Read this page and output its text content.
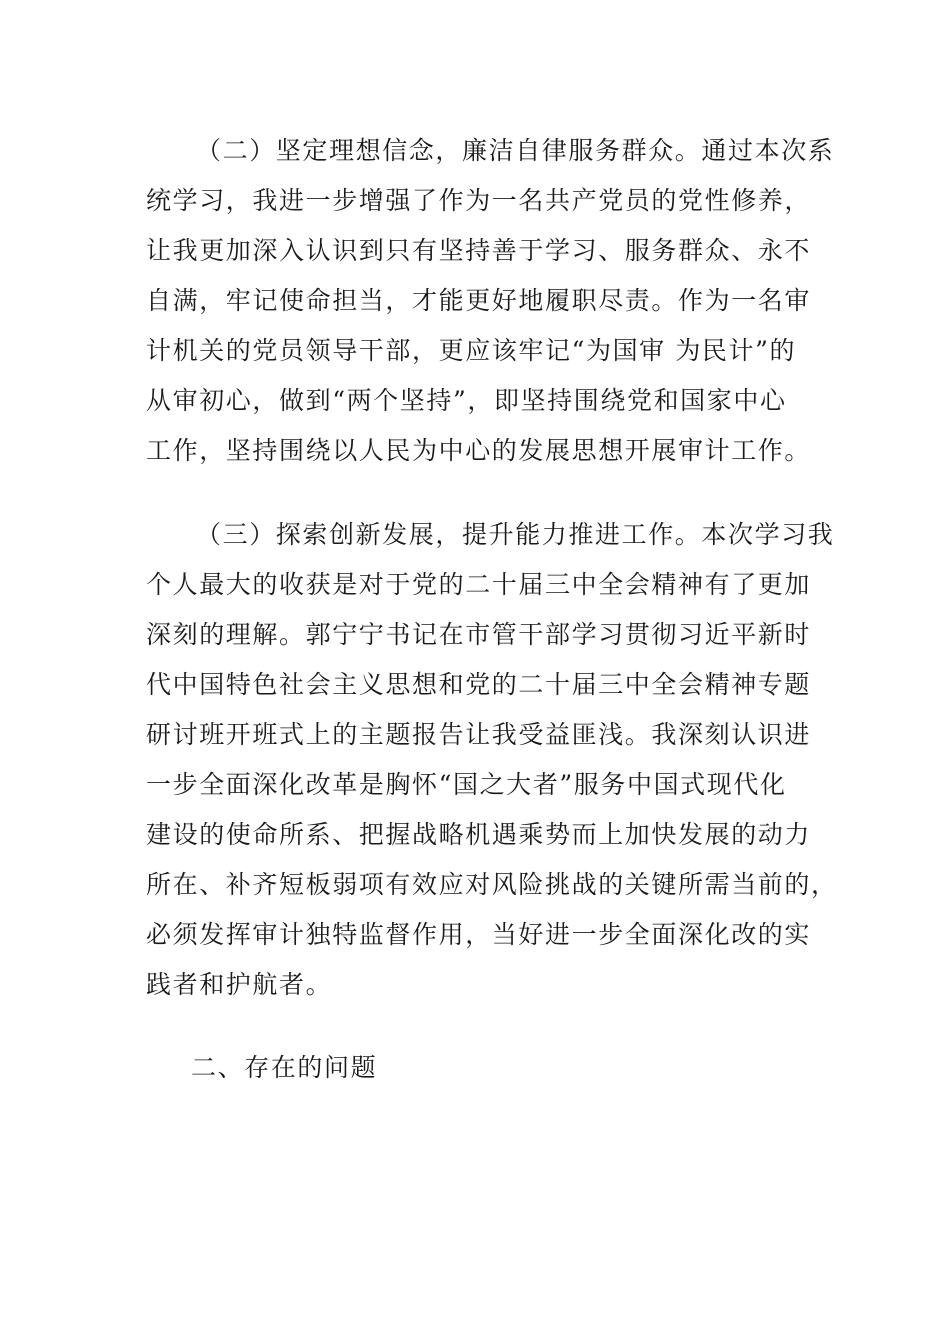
（二）坚定理想信念，廉洁自律服务群众。通过本次系
统学习，我进一步增强了作为一名共产党员的党性修养，
让我更加深入认识到只有坚持善于学习、服务群众、永不
自满，牢记使命担当，才能更好地履职尽责。作为一名审
计机关的党员领导干部，更应该牢记“为国审 为民计”的
从审初心，做到“两个坚持”，即坚持围绕党和国家中心
工作，坚持围绕以人民为中心的发展思想开展审计工作。
（三）探索创新发展，提升能力推进工作。本次学习我
个人最大的收获是对于党的二十届三中全会精神有了更加
深刻的理解。郭宁宁书记在市管干部学习贯彻习近平新时
代中国特色社会主义思想和党的二十届三中全会精神专题
研讨班开班式上的主题报告让我受益匪浅。我深刻认识进
一步全面深化改革是胸怀“国之大者”服务中国式现代化
建设的使命所系、把握战略机遇乘势而上加快发展的动力
所在、补齐短板弱项有效应对风险挑战的关键所需当前的，
必须发挥审计独特监督作用，当好进一步全面深化改的实
践者和护航者。
二、存在的问题
